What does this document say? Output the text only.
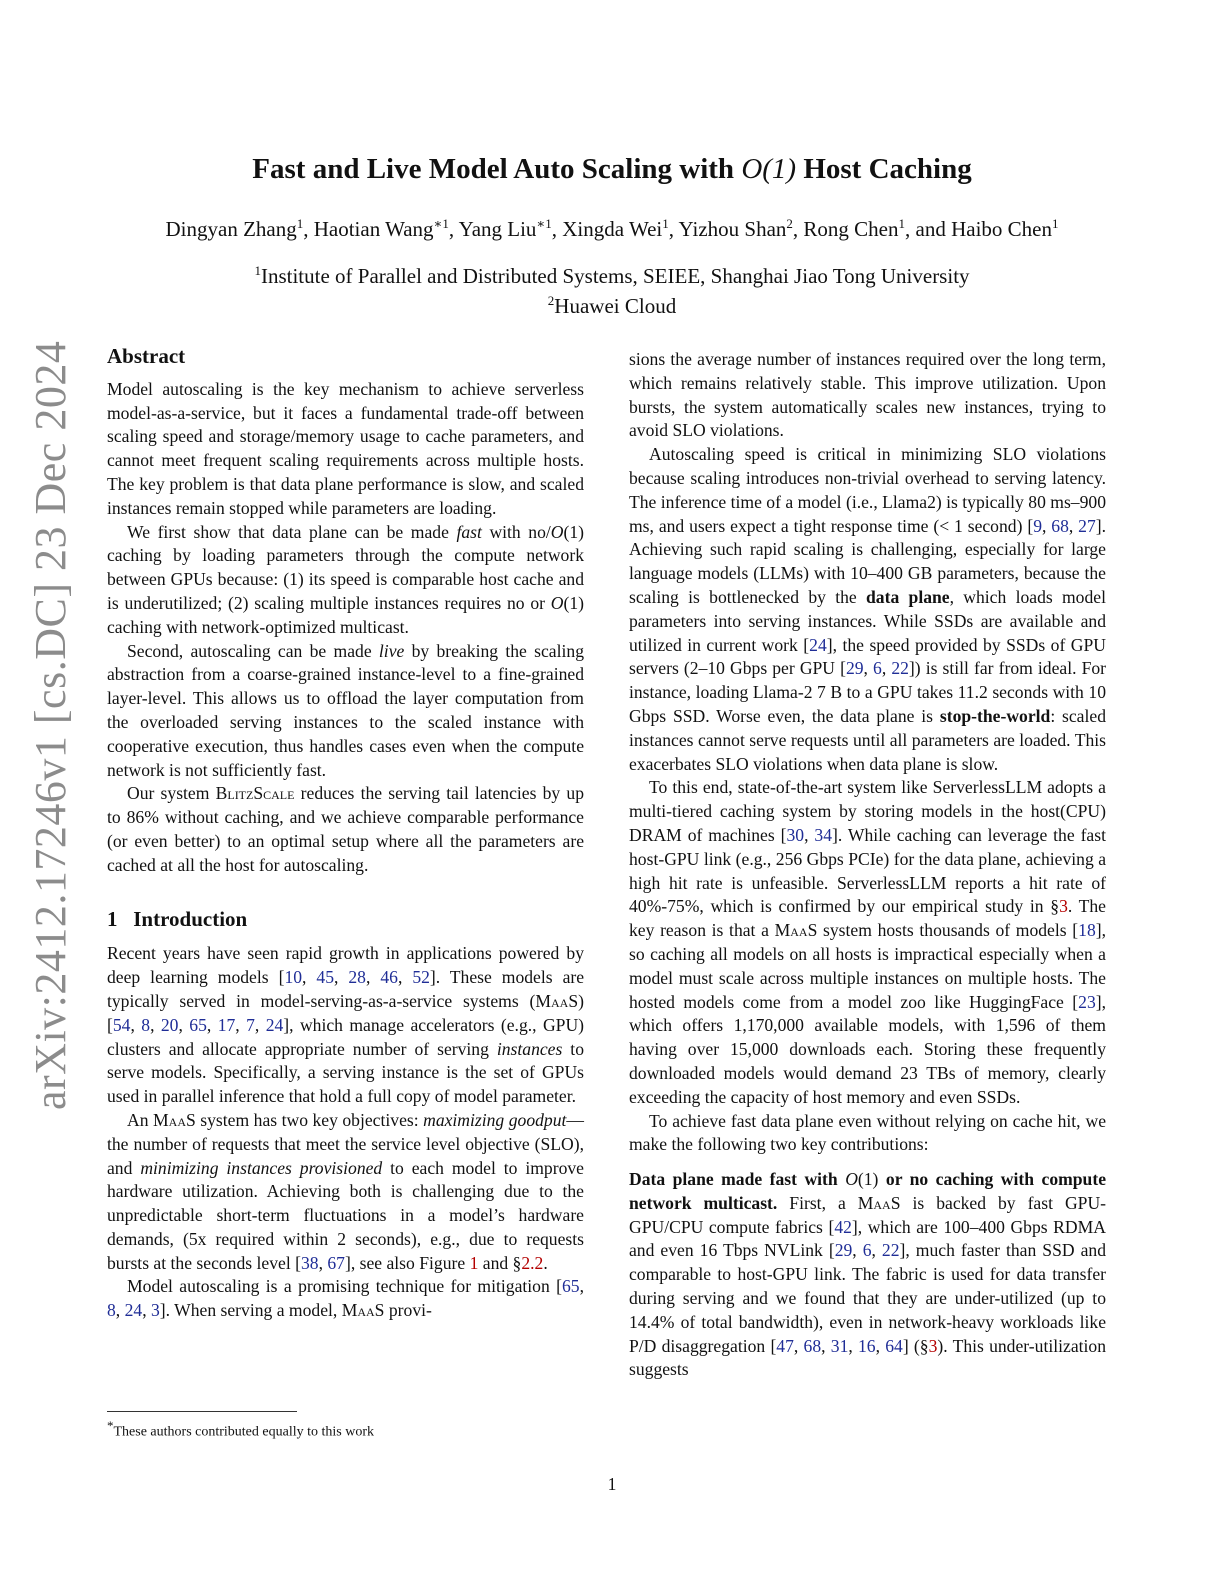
arXiv:2412.17246v1 [cs.DC] 23 Dec 2024
Fast and Live Model Auto Scaling with O(1) Host Caching
Dingyan Zhang$^1$, Haotian Wang$^{∗1}$, Yang Liu$^{∗1}$, Xingda Wei$^1$, Yizhou Shan$^2$, Rong Chen$^1$, and Haibo Chen$^1$
$^1$Institute of Parallel and Distributed Systems, SEIEE, Shanghai Jiao Tong University
$^2$Huawei Cloud
Abstract

Model autoscaling is the key mechanism to achieve serverless model-as-a-service, but it faces a fundamental trade-off between scaling speed and storage/memory usage to cache parameters, and cannot meet frequent scaling requirements across multiple hosts. The key problem is that data plane performance is slow, and scaled instances remain stopped while parameters are loading.

We first show that data plane can be made fast with no/O(1) caching by loading parameters through the compute network between GPUs because: (1) its speed is comparable host cache and is underutilized; (2) scaling multiple instances requires no or O(1) caching with network-optimized multicast.

Second, autoscaling can be made live by breaking the scaling abstraction from a coarse-grained instance-level to a fine-grained layer-level. This allows us to offload the layer computation from the overloaded serving instances to the scaled instance with cooperative execution, thus handles cases even when the compute network is not sufficiently fast.

Our system BlitzScale reduces the serving tail latencies by up to 86% without caching, and we achieve comparable performance (or even better) to an optimal setup where all the parameters are cached at all the host for autoscaling.

1 Introduction

Recent years have seen rapid growth in applications powered by deep learning models [10, 45, 28, 46, 52]. These models are typically served in model-serving-as-a-service systems (MaaS) [54, 8, 20, 65, 17, 7, 24], which manage accelerators (e.g., GPU) clusters and allocate appropriate number of serving instances to serve models. Specifically, a serving instance is the set of GPUs used in parallel inference that hold a full copy of model parameter.

An MaaS system has two key objectives: maximizing goodput—the number of requests that meet the service level objective (SLO), and minimizing instances provisioned to each model to improve hardware utilization. Achieving both is challenging due to the unpredictable short-term fluctuations in a model’s hardware demands, (5x required within 2 seconds), e.g., due to requests bursts at the seconds level [38, 67], see also Figure 1 and §2.2.

Model autoscaling is a promising technique for mitigation [65, 8, 24, 3]. When serving a model, MaaS provi-

sions the average number of instances required over the long term, which remains relatively stable. This improve utilization. Upon bursts, the system automatically scales new instances, trying to avoid SLO violations.

Autoscaling speed is critical in minimizing SLO violations because scaling introduces non-trivial overhead to serving latency. The inference time of a model (i.e., Llama2) is typically 80 ms–900 ms, and users expect a tight response time (< 1 second) [9, 68, 27]. Achieving such rapid scaling is challenging, especially for large language models (LLMs) with 10–400 GB parameters, because the scaling is bottlenecked by the data plane, which loads model parameters into serving instances. While SSDs are available and utilized in current work [24], the speed provided by SSDs of GPU servers (2–10 Gbps per GPU [29, 6, 22]) is still far from ideal. For instance, loading Llama-2 7 B to a GPU takes 11.2 seconds with 10 Gbps SSD. Worse even, the data plane is stop-the-world: scaled instances cannot serve requests until all parameters are loaded. This exacerbates SLO violations when data plane is slow.

To this end, state-of-the-art system like ServerlessLLM adopts a multi-tiered caching system by storing models in the host(CPU) DRAM of machines [30, 34]. While caching can leverage the fast host-GPU link (e.g., 256 Gbps PCIe) for the data plane, achieving a high hit rate is unfeasible. ServerlessLLM reports a hit rate of 40%-75%, which is confirmed by our empirical study in §3. The key reason is that a MaaS system hosts thousands of models [18], so caching all models on all hosts is impractical especially when a model must scale across multiple instances on multiple hosts. The hosted models come from a model zoo like HuggingFace [23], which offers 1,170,000 available models, with 1,596 of them having over 15,000 downloads each. Storing these frequently downloaded models would demand 23 TBs of memory, clearly exceeding the capacity of host memory and even SSDs.

To achieve fast data plane even without relying on cache hit, we make the following two key contributions:

Data plane made fast with O(1) or no caching with compute network multicast. First, a MaaS is backed by fast GPU-GPU/CPU compute fabrics [42], which are 100–400 Gbps RDMA and even 16 Tbps NVLink [29, 6, 22], much faster than SSD and comparable to host-GPU link. The fabric is used for data transfer during serving and we found that they are under-utilized (up to 14.4% of total bandwidth), even in network-heavy workloads like P/D disaggregation [47, 68, 31, 16, 64] (§3). This under-utilization suggests

*These authors contributed equally to this work
1
